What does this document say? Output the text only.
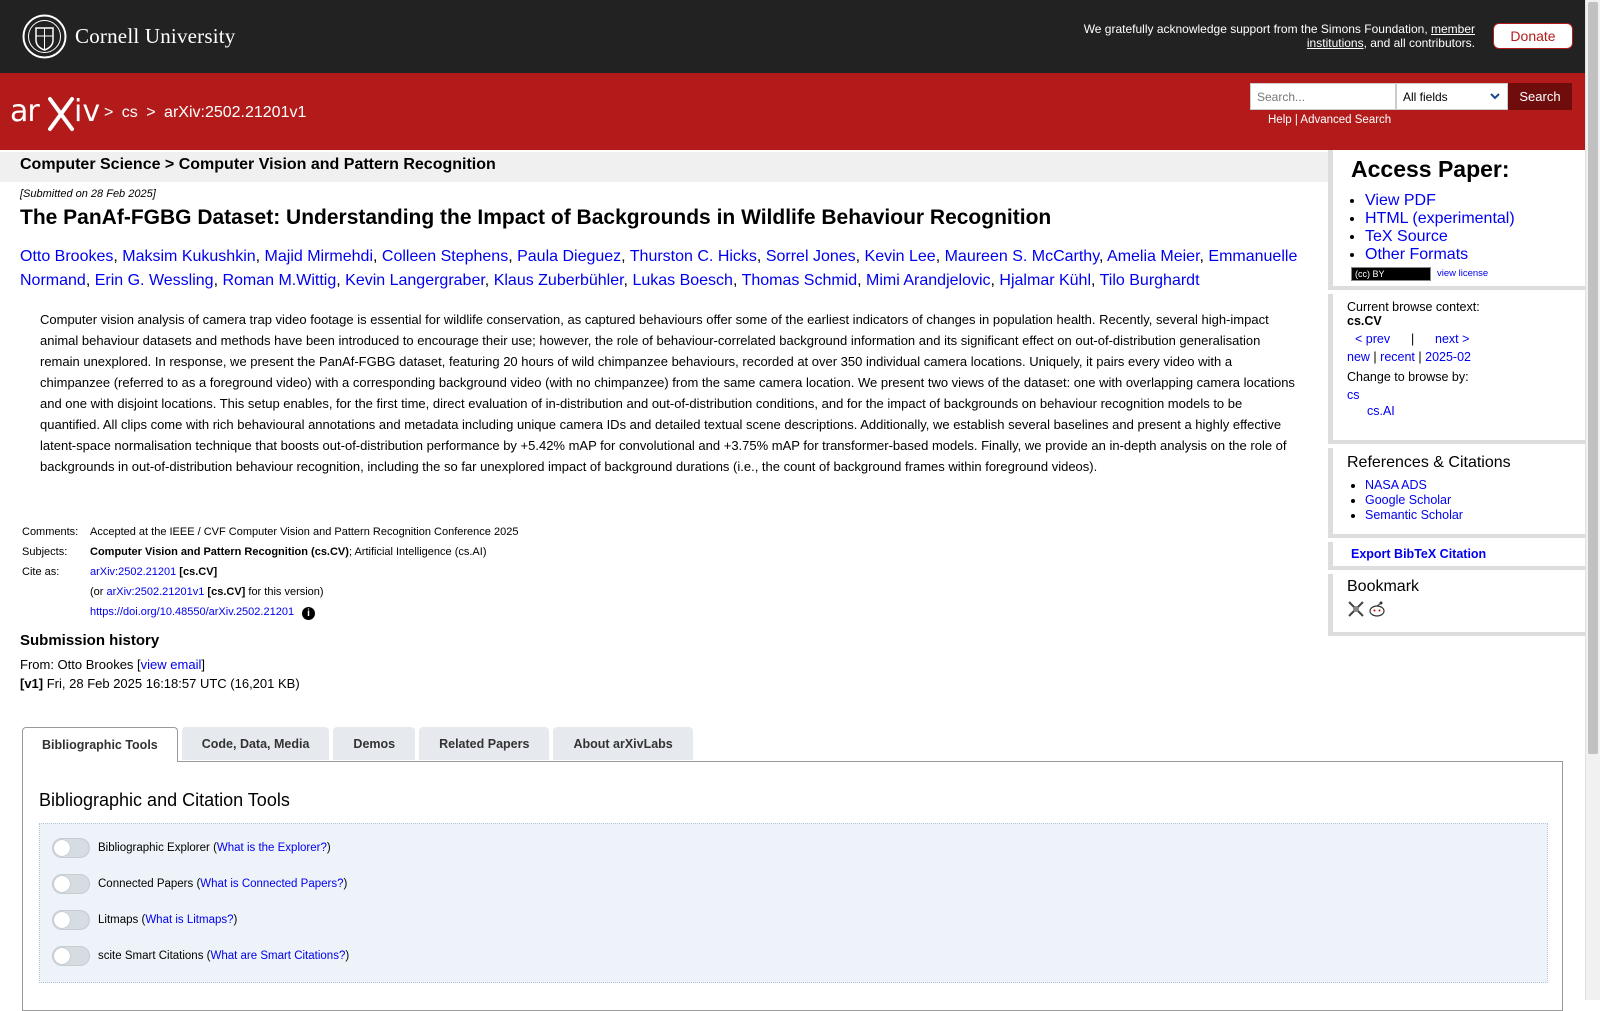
Cornell University	We gratefully acknowledge support from the Simons Foundation, member institutions, and all contributors.	Donate
ar iv > cs > arXiv:2502.21201v1
Search...	All fields	Search
Help | Advanced Search
Computer Science > Computer Vision and Pattern Recognition
[Submitted on 28 Feb 2025]
The PanAf-FGBG Dataset: Understanding the Impact of Backgrounds in Wildlife Behaviour Recognition
Otto Brookes, Maksim Kukushkin, Majid Mirmehdi, Colleen Stephens, Paula Dieguez, Thurston C. Hicks, Sorrel Jones, Kevin Lee, Maureen S. McCarthy, Amelia Meier, Emmanuelle Normand, Erin G. Wessling, Roman M.Wittig, Kevin Langergraber, Klaus Zuberbühler, Lukas Boesch, Thomas Schmid, Mimi Arandjelovic, Hjalmar Kühl, Tilo Burghardt
Computer vision analysis of camera trap video footage is essential for wildlife conservation, as captured behaviours offer some of the earliest indicators of changes in population health. Recently, several high-impact animal behaviour datasets and methods have been introduced to encourage their use; however, the role of behaviour-correlated background information and its significant effect on out-of-distribution generalisation remain unexplored. In response, we present the PanAf-FGBG dataset, featuring 20 hours of wild chimpanzee behaviours, recorded at over 350 individual camera locations. Uniquely, it pairs every video with a chimpanzee (referred to as a foreground video) with a corresponding background video (with no chimpanzee) from the same camera location. We present two views of the dataset: one with overlapping camera locations and one with disjoint locations. This setup enables, for the first time, direct evaluation of in-distribution and out-of-distribution conditions, and for the impact of backgrounds on behaviour recognition models to be quantified. All clips come with rich behavioural annotations and metadata including unique camera IDs and detailed textual scene descriptions. Additionally, we establish several baselines and present a highly effective latent-space normalisation technique that boosts out-of-distribution performance by +5.42% mAP for convolutional and +3.75% mAP for transformer-based models. Finally, we provide an in-depth analysis on the role of backgrounds in out-of-distribution behaviour recognition, including the so far unexplored impact of background durations (i.e., the count of background frames within foreground videos).
Comments:	Accepted at the IEEE / CVF Computer Vision and Pattern Recognition Conference 2025
Subjects:	Computer Vision and Pattern Recognition (cs.CV); Artificial Intelligence (cs.AI)
Cite as:	arXiv:2502.21201 [cs.CV]
	(or arXiv:2502.21201v1 [cs.CV] for this version)
	https://doi.org/10.48550/arXiv.2502.21201 i
Submission history
From: Otto Brookes [view email]
[v1] Fri, 28 Feb 2025 16:18:57 UTC (16,201 KB)
Bibliographic Tools	Code, Data, Media	Demos	Related Papers	About arXivLabs
Bibliographic and Citation Tools
Bibliographic Explorer ( What is the Explorer? )
Connected Papers ( What is Connected Papers? )
Litmaps ( What is Litmaps? )
scite Smart Citations ( What are Smart Citations? )
Access Paper:
• View PDF
• HTML (experimental)
• TeX Source
• Other Formats
(cc) BY	view license
Current browse context:
cs.CV
< prev | next >
new | recent | 2025-02
Change to browse by:
cs
cs.AI
References & Citations
• NASA ADS
• Google Scholar
• Semantic Scholar
Export BibTeX Citation
Bookmark
